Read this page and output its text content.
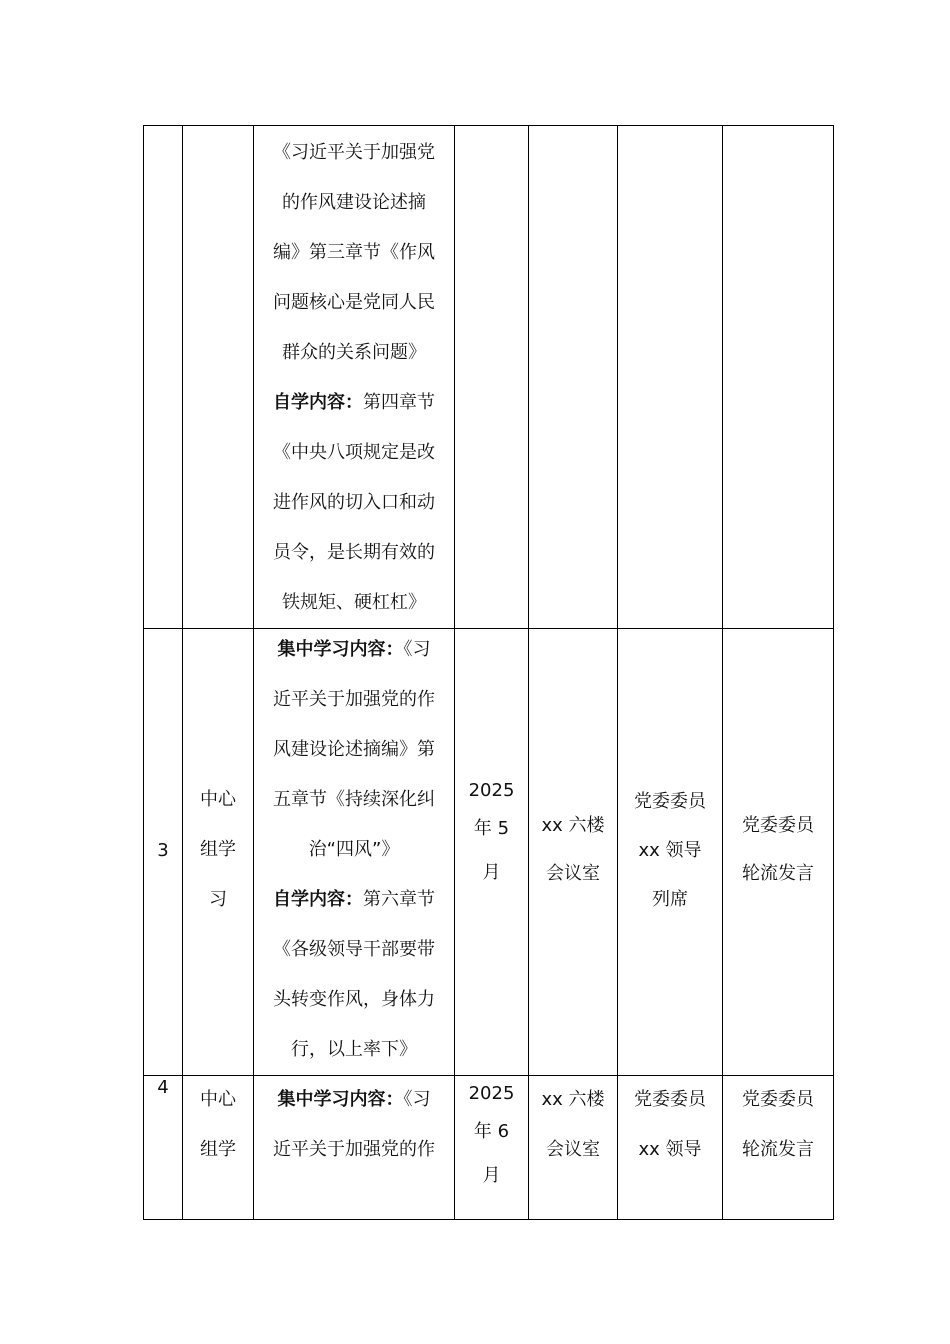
《习近平关于加强党
的作风建设论述摘
编》第三章节《作风
问题核心是党同人民
群众的关系问题》
自学内容：第四章节
《中央八项规定是改
进作风的切入口和动
员令，是长期有效的
铁规矩、硬杠杠》
3
中心
组学
习
集中学习内容：《习
近平关于加强党的作
风建设论述摘编》第
五章节《持续深化纠
治“四风”》
自学内容：第六章节
《各级领导干部要带
头转变作风，身体力
行，以上率下》
2025
年 5
月
xx 六楼
会议室
党委委员
xx 领导
列席
党委委员
轮流发言
4
中心
组学
集中学习内容：《习
近平关于加强党的作
2025
年 6
月
xx 六楼
会议室
党委委员
xx 领导
党委委员
轮流发言
